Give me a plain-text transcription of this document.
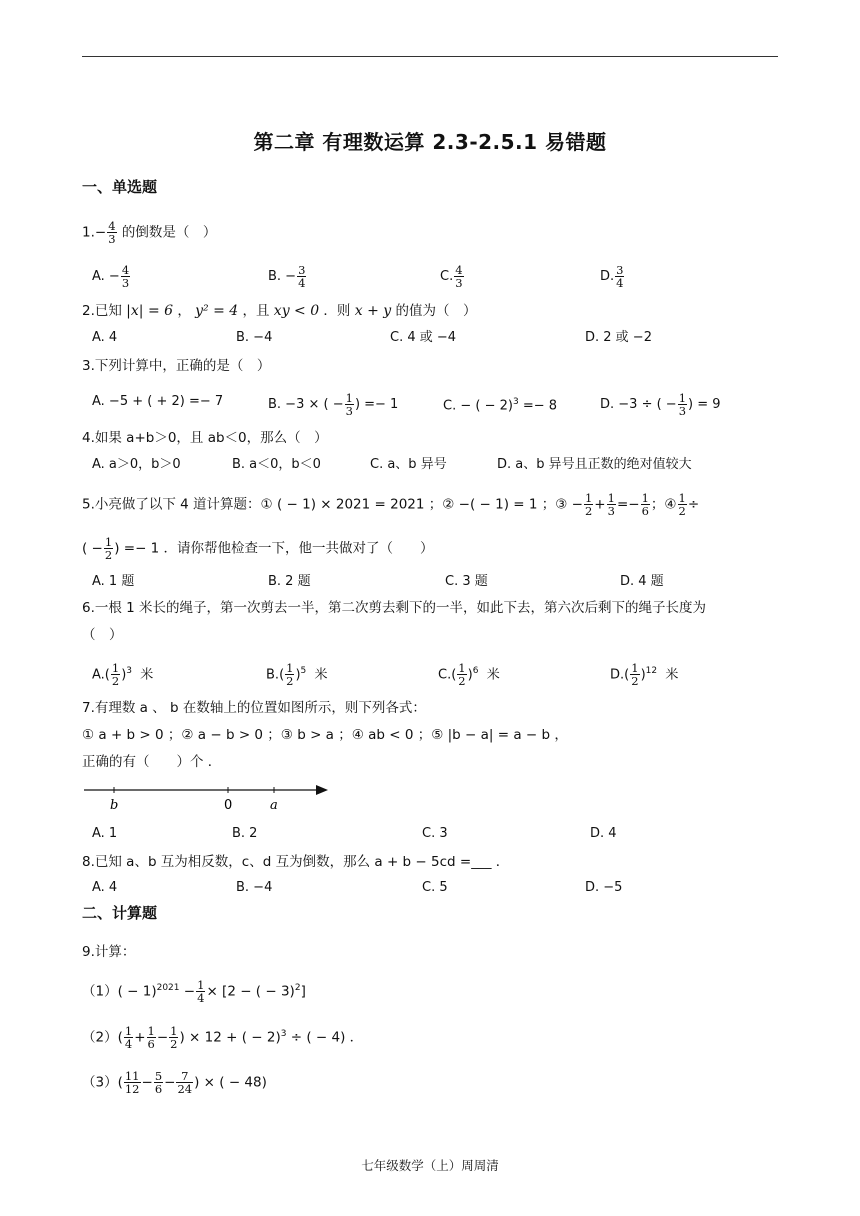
第二章 有理数运算 2.3-2.5.1 易错题
一、单选题
$1.- \frac{4}{3}$ 的倒数是（　）
A. − $\frac{4}{3}$	B. − $\frac{3}{4}$	C. $\frac{4}{3}$	D. $\frac{3}{4}$
2.已知 |x| = 6 ， y² = 4 ，且 xy < 0 ．则 x + y 的值为（　）
A. 4	B. −4	C. 4 或 −4	D. 2 或 −2
3.下列计算中，正确的是（　）
A. −5 + ( + 2) =− 7	B. −3 × ( − $\frac{1}{3}$ ) =− 1	C. − ( − 2)$^3$ =− 8	D. −3 ÷ ( − $\frac{1}{3}$ ) = 9
4.如果 a+b＞0，且 ab＜0，那么（　）
A. a＞0，b＞0	B. a＜0，b＜0	C. a、b 异号	D. a、b 异号且正数的绝对值较大
5.小亮做了以下 4 道计算题：① ( − 1) × 2021 = 2021 ；② −( − 1) = 1 ；③ − $\frac{1}{2} + \frac{1}{3} =- \frac{1}{6}$ ；④ $\frac{1}{2}$ ÷
( − $\frac{1}{2}$ ) =− 1 ．请你帮他检查一下，他一共做对了（　　）
A. 1 题	B. 2 题	C. 3 题	D. 4 题
6.一根 1 米长的绳子，第一次剪去一半，第二次剪去剩下的一半，如此下去，第六次后剩下的绳子长度为
（　）
$A.( \frac{1}{2} )^3$ 米	$B.( \frac{1}{2} )^5$ 米	$C.( \frac{1}{2} )^6$ 米	$D.( \frac{1}{2} )^{12}$ 米
7.有理数 a 、 b 在数轴上的位置如图所示，则下列各式：
① a + b > 0 ；② a − b > 0 ；③ b > a ；④ ab < 0 ；⑤ |b − a| = a − b ，
正确的有（　　）个 ．
b	0	a
A. 1	B. 2	C. 3	D. 4
8.已知 a、b 互为相反数，c、d 互为倒数，那么 a + b − 5cd =___ ．
A. 4	B. −4	C. 5	D. −5
二、计算题
9.计算：
$(1)( - 1)^{2021} - \frac{1}{4} \times [2$ − ( − 3)$^2$]
$(2)( \frac{1}{4} + \frac{1}{6} - \frac{1}{2}$ ) × 12 + ( − 2)$^3$ ÷ ( − 4) ．
$(3)( \frac{11}{12} - \frac{5}{6} - \frac{7}{24}$ ) × ( − 48)
七年级数学（上）周周清
